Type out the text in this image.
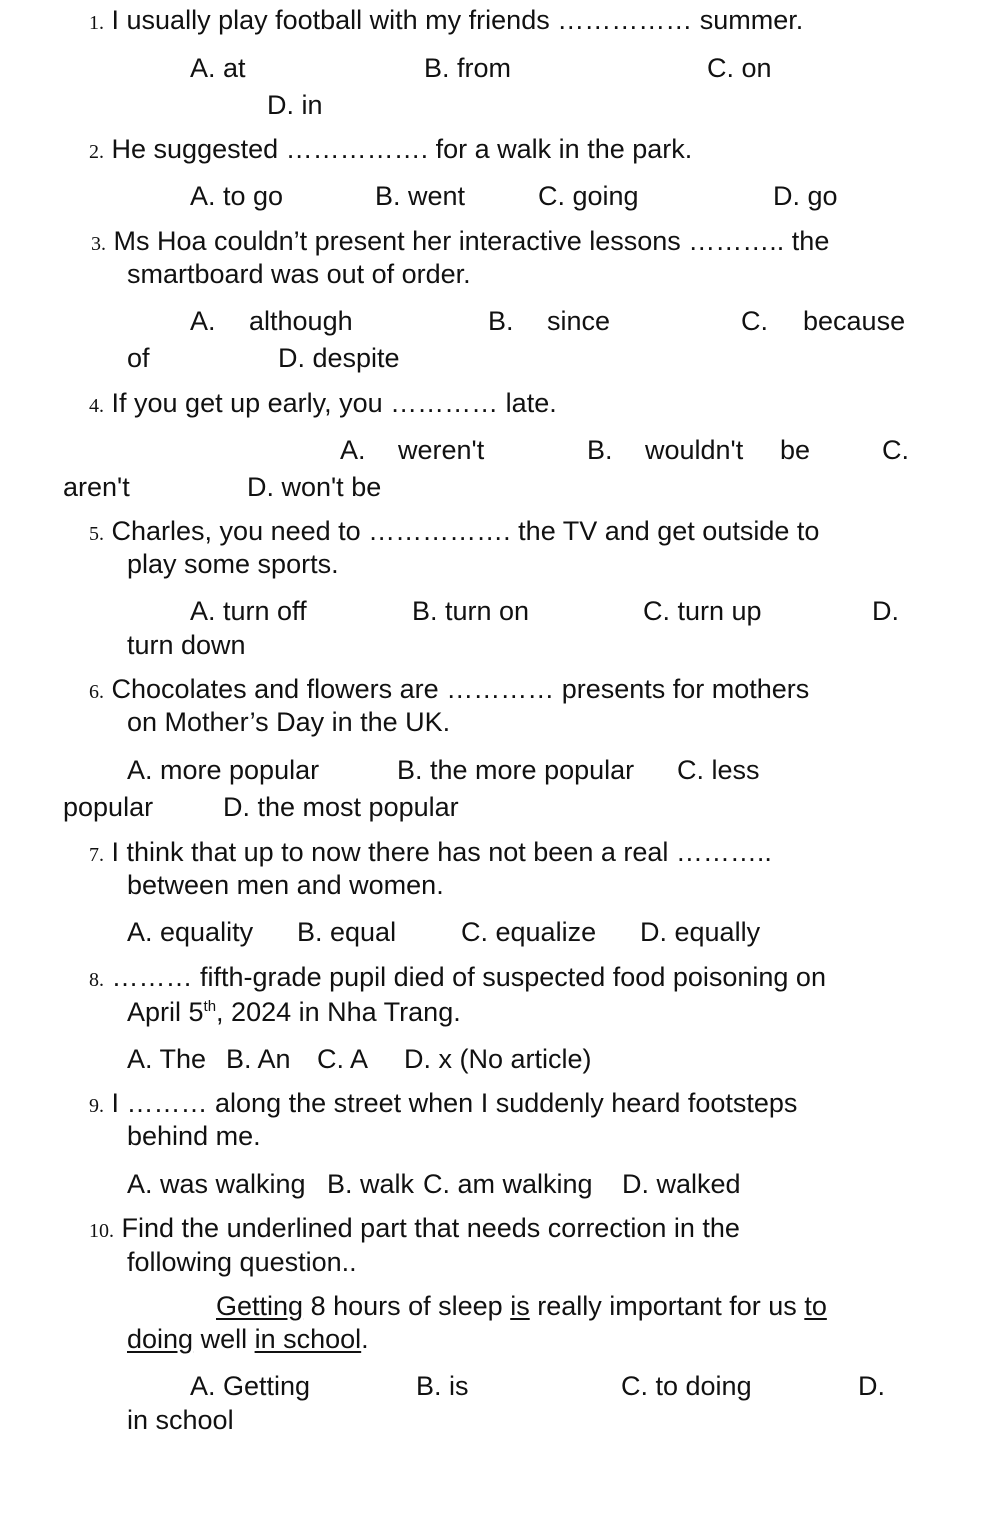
1. I usually play football with my friends …………… summer.
A. at	B. from	C. on
D. in
2. He suggested ……………. for a walk in the park.
A. to go	B. went	C. going	D. go
3. Ms Hoa couldn’t present her interactive lessons ……….. the
smartboard was out of order.
A. although	B. since	C. because
of	D. despite
4. If you get up early, you ………… late.
A. weren't	B. wouldn't be	C.
aren't	D. won't be
5. Charles, you need to ……………. the TV and get outside to
play some sports.
A. turn off	B. turn on	C. turn up	D.
turn down
6. Chocolates and flowers are ………… presents for mothers
on Mother’s Day in the UK.
A. more popular	B. the more popular C. less
popular	D. the most popular
7. I think that up to now there has not been a real ………..
between men and women.
A. equality B. equal C. equalize D. equally
8. ……… fifth-grade pupil died of suspected food poisoning on
April 5th, 2024 in Nha Trang.
A. The B. An C. A D. x (No article)
9. I ……… along the street when I suddenly heard footsteps
behind me.
A. was walking B. walk C. am walking D. walked
10. Find the underlined part that needs correction in the
following question..
Getting 8 hours of sleep is really important for us to
doing well in school.
A. Getting	B. is	C. to doing	D.
in school
